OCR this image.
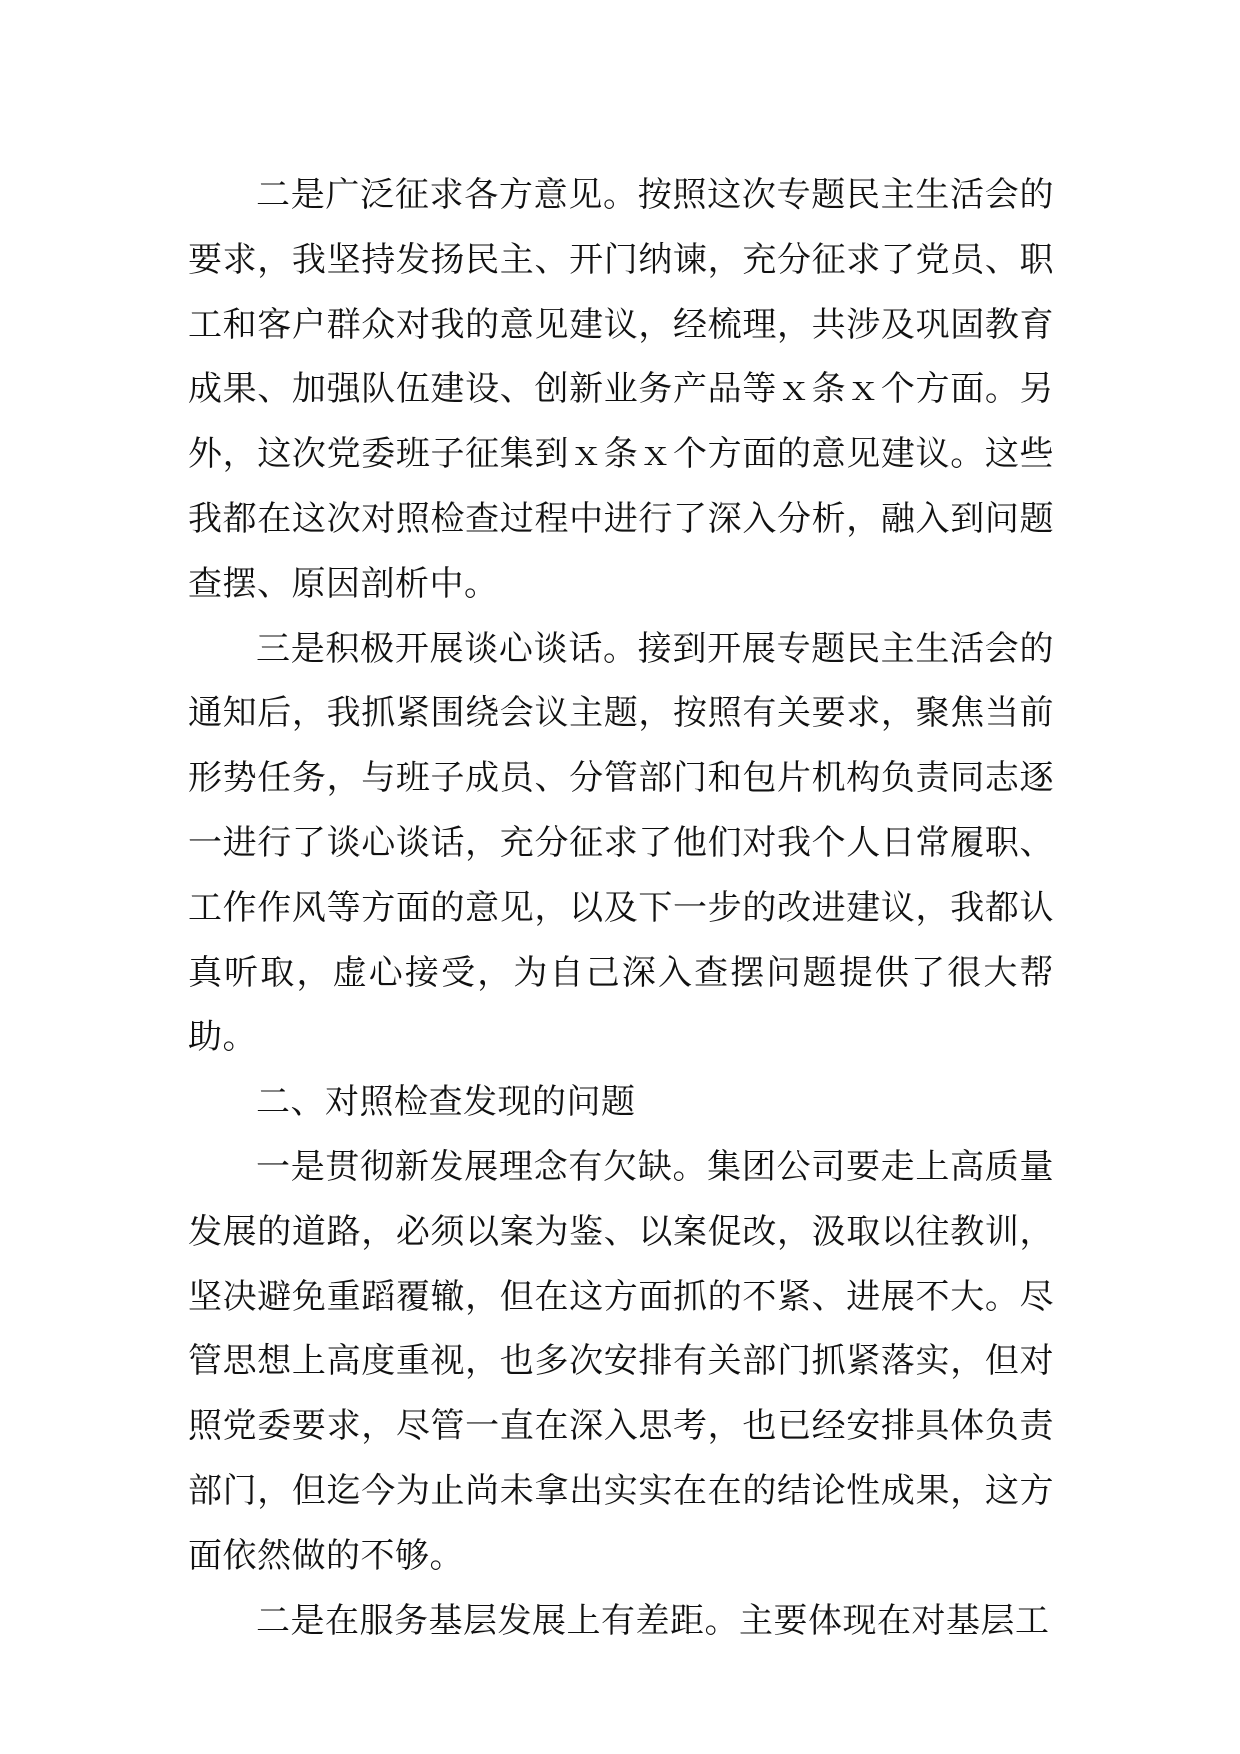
二是广泛征求各方意见。按照这次专题民主生活会的要求，我坚持发扬民主、开门纳谏，充分征求了党员、职工和客户群众对我的意见建议，经梳理，共涉及巩固教育成果、加强队伍建设、创新业务产品等ｘ条ｘ个方面。另外，这次党委班子征集到ｘ条ｘ个方面的意见建议。这些我都在这次对照检查过程中进行了深入分析，融入到问题查摆、原因剖析中。

三是积极开展谈心谈话。接到开展专题民主生活会的通知后，我抓紧围绕会议主题，按照有关要求，聚焦当前形势任务，与班子成员、分管部门和包片机构负责同志逐一进行了谈心谈话，充分征求了他们对我个人日常履职、工作作风等方面的意见，以及下一步的改进建议，我都认真听取，虚心接受，为自己深入查摆问题提供了很大帮助。

二、对照检查发现的问题

一是贯彻新发展理念有欠缺。集团公司要走上高质量发展的道路，必须以案为鉴、以案促改，汲取以往教训，坚决避免重蹈覆辙，但在这方面抓的不紧、进展不大。尽管思想上高度重视，也多次安排有关部门抓紧落实，但对照党委要求，尽管一直在深入思考，也已经安排具体负责部门，但迄今为止尚未拿出实实在在的结论性成果，这方面依然做的不够。

二是在服务基层发展上有差距。主要体现在对基层工
